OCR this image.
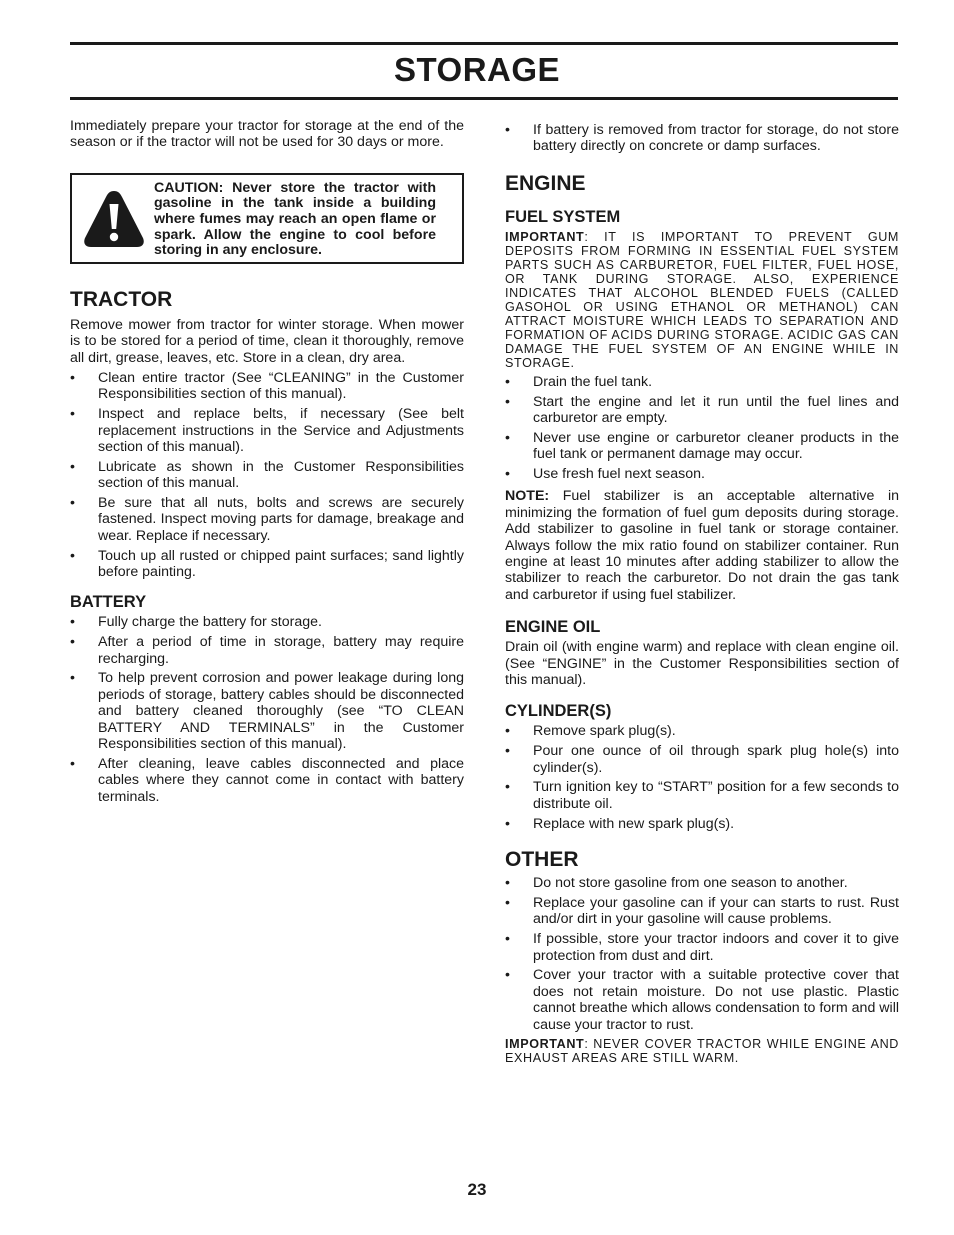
STORAGE

Immediately prepare your tractor for storage at the end of the season or if the tractor will not be used for 30 days or more.

CAUTION: Never store the tractor with gasoline in the tank inside a building where fumes may reach an open flame or spark. Allow the engine to cool before storing in any enclosure.
TRACTOR

Remove mower from tractor for winter storage. When mower is to be stored for a period of time, clean it thoroughly, remove all dirt, grease, leaves, etc. Store in a clean, dry area.

• Clean entire tractor (See “CLEANING” in the Customer Responsibilities section of this manual).
• Inspect and replace belts, if necessary (See belt replacement instructions in the Service and Adjustments section of this manual).
• Lubricate as shown in the Customer Responsibilities section of this manual.
• Be sure that all nuts, bolts and screws are securely fastened. Inspect moving parts for damage, breakage and wear. Replace if necessary.
• Touch up all rusted or chipped paint surfaces; sand lightly before painting.
BATTERY
• Fully charge the battery for storage.
• After a period of time in storage, battery may require recharging.
• To help prevent corrosion and power leakage during long periods of storage, battery cables should be disconnected and battery cleaned thoroughly (see “TO CLEAN BATTERY AND TERMINALS” in the Customer Responsibilities section of this manual).
• After cleaning, leave cables disconnected and place cables where they cannot come in contact with battery terminals.
• If battery is removed from tractor for storage, do not store battery directly on concrete or damp surfaces.
ENGINE
FUEL SYSTEM

IMPORTANT: IT IS IMPORTANT TO PREVENT GUM DEPOSITS FROM FORMING IN ESSENTIAL FUEL SYSTEM PARTS SUCH AS CARBURETOR, FUEL FILTER, FUEL HOSE, OR TANK DURING STORAGE. ALSO, EXPERIENCE INDICATES THAT ALCOHOL BLENDED FUELS (CALLED GASOHOL OR USING ETHANOL OR METHANOL) CAN ATTRACT MOISTURE WHICH LEADS TO SEPARATION AND FORMATION OF ACIDS DURING STORAGE. ACIDIC GAS CAN DAMAGE THE FUEL SYSTEM OF AN ENGINE WHILE IN STORAGE.

• Drain the fuel tank.
• Start the engine and let it run until the fuel lines and carburetor are empty.
• Never use engine or carburetor cleaner products in the fuel tank or permanent damage may occur.
• Use fresh fuel next season.

NOTE: Fuel stabilizer is an acceptable alternative in minimizing the formation of fuel gum deposits during storage. Add stabilizer to gasoline in fuel tank or storage container. Always follow the mix ratio found on stabilizer container. Run engine at least 10 minutes after adding stabilizer to allow the stabilizer to reach the carburetor. Do not drain the gas tank and carburetor if using fuel stabilizer.

ENGINE OIL

Drain oil (with engine warm) and replace with clean engine oil. (See “ENGINE” in the Customer Responsibilities section of this manual).

CYLINDER(S)
• Remove spark plug(s).
• Pour one ounce of oil through spark plug hole(s) into cylinder(s).
• Turn ignition key to “START” position for a few seconds to distribute oil.
• Replace with new spark plug(s).
OTHER
• Do not store gasoline from one season to another.
• Replace your gasoline can if your can starts to rust. Rust and/or dirt in your gasoline will cause problems.
• If possible, store your tractor indoors and cover it to give protection from dust and dirt.
• Cover your tractor with a suitable protective cover that does not retain moisture. Do not use plastic. Plastic cannot breathe which allows condensation to form and will cause your tractor to rust.

IMPORTANT: NEVER COVER TRACTOR WHILE ENGINE AND EXHAUST AREAS ARE STILL WARM.

23
